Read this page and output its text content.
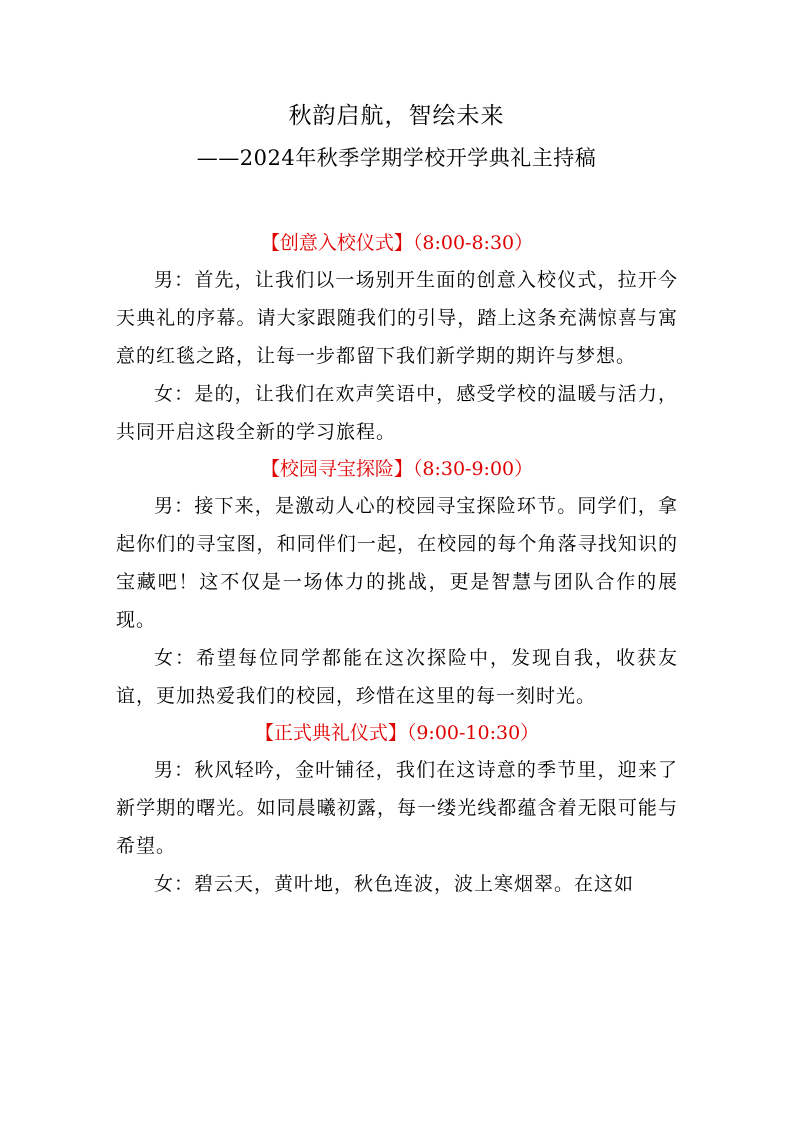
秋韵启航，智绘未来
——2024年秋季学期学校开学典礼主持稿
【创意入校仪式】（8:00-8:30）

男：首先，让我们以一场别开生面的创意入校仪式，拉开今天典礼的序幕。请大家跟随我们的引导，踏上这条充满惊喜与寓意的红毯之路，让每一步都留下我们新学期的期许与梦想。

女：是的，让我们在欢声笑语中，感受学校的温暖与活力，共同开启这段全新的学习旅程。

【校园寻宝探险】（8:30-9:00）

男：接下来，是激动人心的校园寻宝探险环节。同学们，拿起你们的寻宝图，和同伴们一起，在校园的每个角落寻找知识的宝藏吧！这不仅是一场体力的挑战，更是智慧与团队合作的展现。

女：希望每位同学都能在这次探险中，发现自我，收获友谊，更加热爱我们的校园，珍惜在这里的每一刻时光。

【正式典礼仪式】（9:00-10:30）

男：秋风轻吟，金叶铺径，我们在这诗意的季节里，迎来了新学期的曙光。如同晨曦初露，每一缕光线都蕴含着无限可能与希望。

女：碧云天，黄叶地，秋色连波，波上寒烟翠。在这如
